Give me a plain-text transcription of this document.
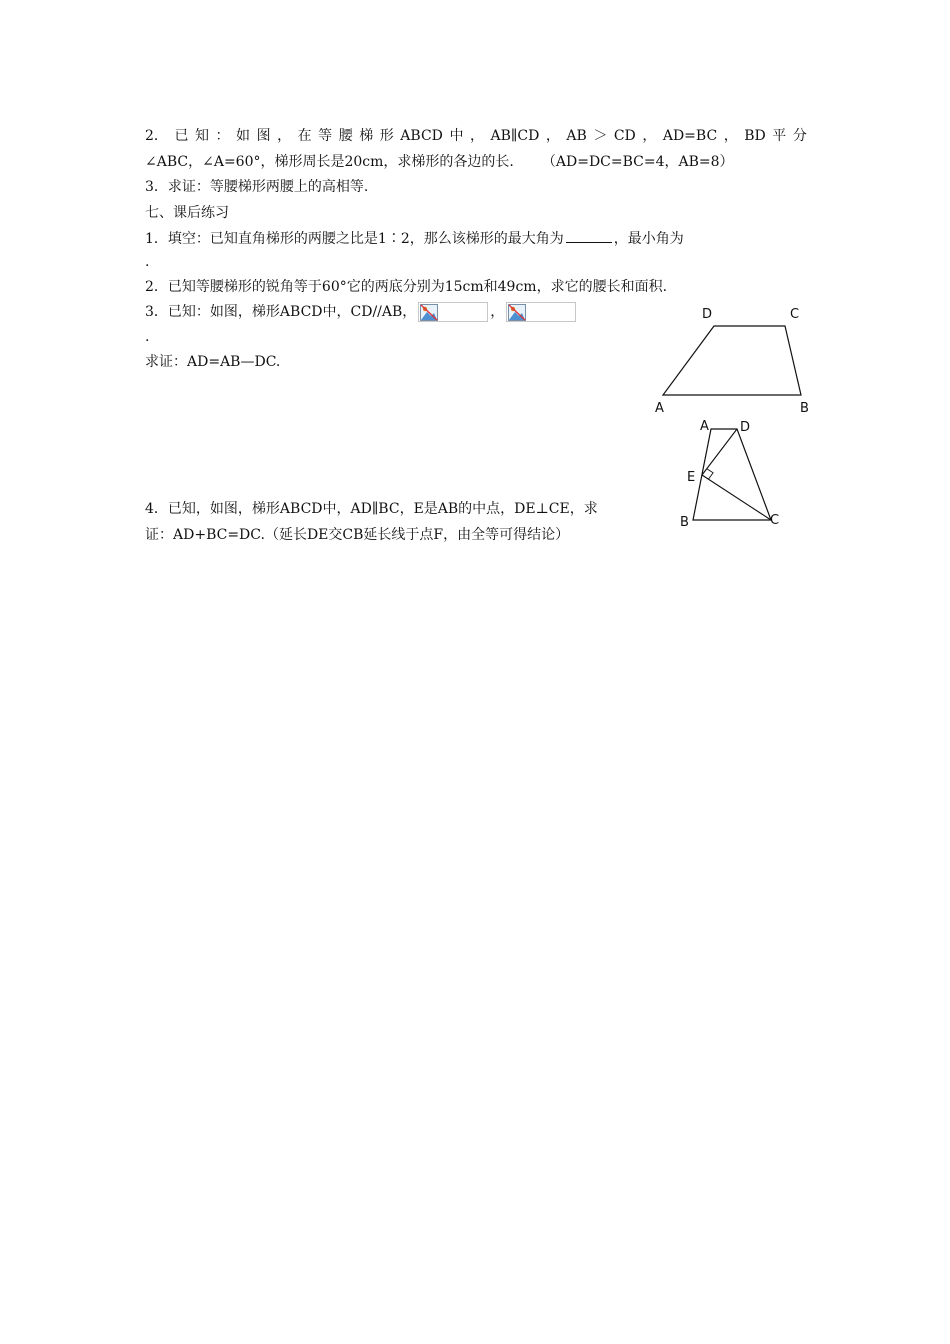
2． 已 知 ： 如 图 ， 在 等 腰 梯 形 ABCD 中 ， AB∥CD ， AB ＞ CD ， AD=BC ， BD 平 分
∠ABC，∠A=60°，梯形周长是20cm，求梯形的各边的长. （AD=DC=BC=4，AB=8）
3．求证：等腰梯形两腰上的高相等.
七、课后练习
1．填空：已知直角梯形的两腰之比是1∶2，那么该梯形的最大角为	，最小角为
.
2．已知等腰梯形的锐角等于60°它的两底分别为15cm和49cm，求它的腰长和面积.
3．已知：如图，梯形ABCD中，CD//AB，	，
.
求证：AD=AB—DC.
D	C
A	B
A D
E
B	C
4．已知，如图，梯形ABCD中，AD∥BC，E是AB的中点，DE⊥CE，求
证：AD+BC=DC.（延长DE交CB延长线于点F，由全等可得结论）
